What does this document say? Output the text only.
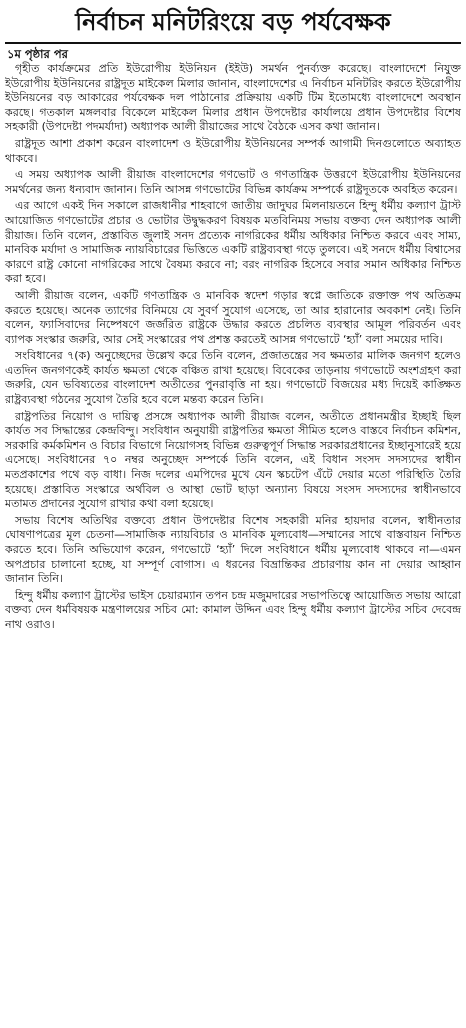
নির্বাচন মনিটরিংয়ে বড় পর্যবেক্ষক
১ম পৃষ্ঠার পর

গৃহীত কার্যক্রমের প্রতি ইউরোপীয় ইউনিয়ন (ইইউ) সমর্থন পুনর্ব্যক্ত করেছে। বাংলাদেশে নিযুক্ত ইউরোপীয় ইউনিয়নের রাষ্ট্রদূত মাইকেল মিলার জানান, বাংলাদেশের এ নির্বাচন মনিটরিং করতে ইউরোপীয় ইউনিয়নের বড় আকারের পর্যবেক্ষক দল পাঠানোর প্রক্রিয়ায় একটি টিম ইতোমধ্যে বাংলাদেশে অবস্থান করছে। গতকাল মঙ্গলবার বিকেলে মাইকেল মিলার প্রধান উপদেষ্টার কার্যালয়ে প্রধান উপদেষ্টার বিশেষ সহকারী (উপদেষ্টা পদমর্যাদা) অধ্যাপক আলী রীয়াজের সাথে বৈঠকে এসব কথা জানান।

রাষ্ট্রদূত আশা প্রকাশ করেন বাংলাদেশ ও ইউরোপীয় ইউনিয়নের সম্পর্ক আগামী দিনগুলোতে অব্যাহত থাকবে।

এ সময় অধ্যাপক আলী রীয়াজ বাংলাদেশের গণভোট ও গণতান্ত্রিক উত্তরণে ইউরোপীয় ইউনিয়নের সমর্থনের জন্য ধন্যবাদ জানান। তিনি আসন্ন গণভোটের বিভিন্ন কার্যক্রম সম্পর্কে রাষ্ট্রদূতকে অবহিত করেন।

এর আগে একই দিন সকালে রাজধানীর শাহবাগে জাতীয় জাদুঘর মিলনায়তনে হিন্দু ধর্মীয় কল্যাণ ট্রাস্ট আয়োজিত গণভোটের প্রচার ও ভোটার উদ্বুদ্ধকরণ বিষয়ক মতবিনিময় সভায় বক্তব্য দেন অধ্যাপক আলী রীয়াজ। তিনি বলেন, প্রস্তাবিত জুলাই সনদ প্রত্যেক নাগরিকের ধর্মীয় অধিকার নিশ্চিত করবে এবং সাম্য, মানবিক মর্যাদা ও সামাজিক ন্যায়বিচারের ভিত্তিতে একটি রাষ্ট্রব্যবস্থা গড়ে তুলবে। এই সনদে ধর্মীয় বিশ্বাসের কারণে রাষ্ট্র কোনো নাগরিকের সাথে বৈষম্য করবে না; বরং নাগরিক হিসেবে সবার সমান অধিকার নিশ্চিত করা হবে।

আলী রীয়াজ বলেন, একটি গণতান্ত্রিক ও মানবিক স্বদেশ গড়ার স্বপ্নে জাতিকে রক্তাক্ত পথ অতিক্রম করতে হয়েছে। অনেক ত্যাগের বিনিময়ে যে সুবর্ণ সুযোগ এসেছে, তা আর হারানোর অবকাশ নেই। তিনি বলেন, ফ্যাসিবাদের নিষ্পেষণে জর্জরিত রাষ্ট্রকে উদ্ধার করতে প্রচলিত ব্যবস্থার আমূল পরিবর্তন এবং ব্যাপক সংস্কার জরুরি, আর সেই সংস্কারের পথ প্রশস্ত করতেই আসন্ন গণভোটে ‘হ্যাঁ’ বলা সময়ের দাবি।

সংবিধানের ৭(ক) অনুচ্ছেদের উল্লেখ করে তিনি বলেন, প্রজাতন্ত্রের সব ক্ষমতার মালিক জনগণ হলেও এতদিন জনগণকেই কার্যত ক্ষমতা থেকে বঞ্চিত রাখা হয়েছে। বিবেকের তাড়নায় গণভোটে অংশগ্রহণ করা জরুরি, যেন ভবিষ্যতের বাংলাদেশ অতীতের পুনরাবৃত্তি না হয়। গণভোটে বিজয়ের মধ্য দিয়েই কাঙ্ক্ষিত রাষ্ট্রব্যবস্থা গঠনের সুযোগ তৈরি হবে বলে মন্তব্য করেন তিনি।

রাষ্ট্রপতির নিয়োগ ও দায়িত্ব প্রসঙ্গে অধ্যাপক আলী রীয়াজ বলেন, অতীতে প্রধানমন্ত্রীর ইচ্ছাই ছিল কার্যত সব সিদ্ধান্তের কেন্দ্রবিন্দু। সংবিধান অনুযায়ী রাষ্ট্রপতির ক্ষমতা সীমিত হলেও বাস্তবে নির্বাচন কমিশন, সরকারি কর্মকমিশন ও বিচার বিভাগে নিয়োগসহ বিভিন্ন গুরুত্বপূর্ণ সিদ্ধান্ত সরকারপ্রধানের ইচ্ছানুসারেই হয়ে এসেছে। সংবিধানের ৭০ নম্বর অনুচ্ছেদ সম্পর্কে তিনি বলেন, এই বিধান সংসদ সদস্যদের স্বাধীন মতপ্রকাশের পথে বড় বাধা। নিজ দলের এমপিদের মুখে যেন স্কচটেপ এঁটে দেয়ার মতো পরিস্থিতি তৈরি হয়েছে। প্রস্তাবিত সংস্কারে অর্থবিল ও আস্থা ভোট ছাড়া অন্যান্য বিষয়ে সংসদ সদস্যদের স্বাধীনভাবে মতামত প্রদানের সুযোগ রাখার কথা বলা হয়েছে।

সভায় বিশেষ অতিথির বক্তব্যে প্রধান উপদেষ্টার বিশেষ সহকারী মনির হায়দার বলেন, স্বাধীনতার ঘোষণাপত্রের মূল চেতনা—সামাজিক ন্যায়বিচার ও মানবিক মূল্যবোধ—সম্মানের সাথে বাস্তবায়ন নিশ্চিত করতে হবে। তিনি অভিযোগ করেন, গণভোটে ‘হ্যাঁ’ দিলে সংবিধানে ধর্মীয় মূল্যবোধ থাকবে না—এমন অপপ্রচার চালানো হচ্ছে, যা সম্পূর্ণ বোগাস। এ ধরনের বিভ্রান্তিকর প্রচারণায় কান না দেয়ার আহ্বান জানান তিনি।

হিন্দু ধর্মীয় কল্যাণ ট্রাস্টের ভাইস চেয়ারম্যান তপন চন্দ্র মজুমদারের সভাপতিত্বে আয়োজিত সভায় আরো বক্তব্য দেন ধর্মবিষয়ক মন্ত্রণালয়ের সচিব মো: কামাল উদ্দিন এবং হিন্দু ধর্মীয় কল্যাণ ট্রাস্টের সচিব দেবেন্দ্র নাথ ওরাও।
